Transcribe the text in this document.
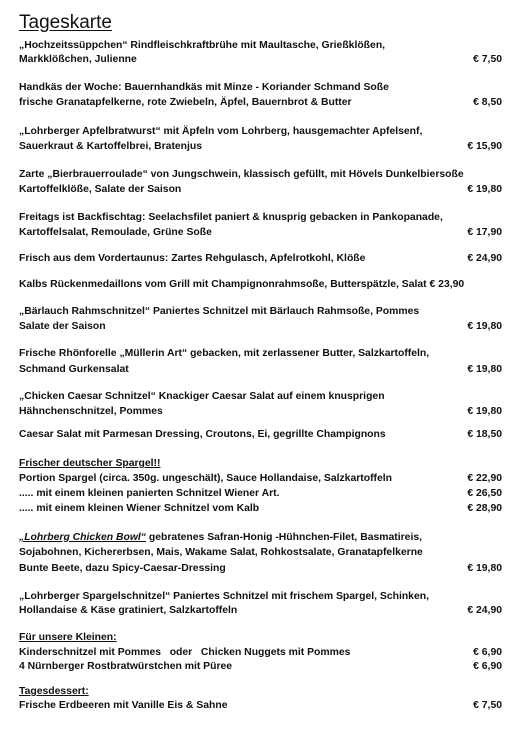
Tageskarte
„Hochzeitssüppchen“ Rindfleischkraftbrühe mit Maultasche, Grießklößen,
Markklößchen, Julienne	€ 7,50
Handkäs der Woche: Bauernhandkäs mit Minze - Koriander Schmand Soße
frische Granatapfelkerne, rote Zwiebeln, Äpfel, Bauernbrot & Butter	€ 8,50
„Lohrberger Apfelbratwurst“ mit Äpfeln vom Lohrberg, hausgemachter Apfelsenf,
Sauerkraut & Kartoffelbrei, Bratenjus	€ 15,90
Zarte „Bierbrauerroulade“ von Jungschwein, klassisch gefüllt, mit Hövels Dunkelbiersoße
Kartoffelklöße, Salate der Saison	€ 19,80
Freitags ist Backfischtag: Seelachsfilet paniert & knusprig gebacken in Pankopanade,
Kartoffelsalat, Remoulade, Grüne Soße	€ 17,90
Frisch aus dem Vordertaunus: Zartes Rehgulasch, Apfelrotkohl, Klöße	€ 24,90
Kalbs Rückenmedaillons vom Grill mit Champignonrahmsoße, Butterspätzle, Salat € 23,90
„Bärlauch Rahmschnitzel“ Paniertes Schnitzel mit Bärlauch Rahmsoße, Pommes
Salate der Saison	€ 19,80
Frische Rhönforelle „Müllerin Art“ gebacken, mit zerlassener Butter, Salzkartoffeln,
Schmand Gurkensalat	€ 19,80
„Chicken Caesar Schnitzel“ Knackiger Caesar Salat auf einem knusprigen
Hähnchenschnitzel, Pommes	€ 19,80
Caesar Salat mit Parmesan Dressing, Croutons, Ei, gegrillte Champignons	€ 18,50
Frischer deutscher Spargel!!
Portion Spargel (circa. 350g. ungeschält), Sauce Hollandaise, Salzkartoffeln	€ 22,90
..... mit einem kleinen panierten Schnitzel Wiener Art.	€ 26,50
..... mit einem kleinen Wiener Schnitzel vom Kalb	€ 28,90
„Lohrberg Chicken Bowl“ gebratenes Safran-Honig -Hühnchen-Filet, Basmatireis,
Sojabohnen, Kichererbsen, Mais, Wakame Salat, Rohkostsalate, Granatapfelkerne
Bunte Beete, dazu Spicy-Caesar-Dressing	€ 19,80
„Lohrberger Spargelschnitzel“ Paniertes Schnitzel mit frischem Spargel, Schinken,
Hollandaise & Käse gratiniert, Salzkartoffeln	€ 24,90
Für unsere Kleinen:
Kinderschnitzel mit Pommes   oder   Chicken Nuggets mit Pommes	€ 6,90
4 Nürnberger Rostbratwürstchen mit Püree	€ 6,90
Tagesdessert:
Frische Erdbeeren mit Vanille Eis & Sahne	€ 7,50
